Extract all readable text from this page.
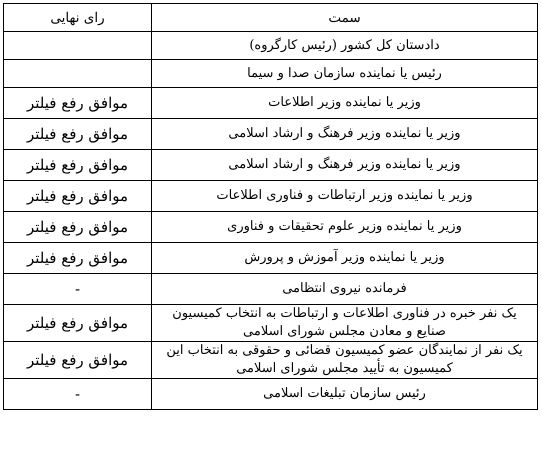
سمت	رای نهایی
دادستان کل کشور (رئیس کارگروه)	
رئیس یا نماینده سازمان صدا و سیما	
وزیر یا نماینده وزیر اطلاعات	موافق رفع فیلتر
وزیر یا نماینده وزیر فرهنگ و ارشاد اسلامی	موافق رفع فیلتر
وزیر یا نماینده وزیر فرهنگ و ارشاد اسلامی	موافق رفع فیلتر
وزیر یا نماینده وزیر ارتباطات و فناوری اطلاعات	موافق رفع فیلتر
وزیر یا نماینده وزیر علوم تحقیقات و فناوری	موافق رفع فیلتر
وزیر یا نماینده وزیر آموزش و پرورش	موافق رفع فیلتر
فرمانده نیروی انتظامی	-
یک نفر خبره در فناوری اطلاعات و ارتباطات به انتخاب کمیسیون صنایع و معادن مجلس شورای اسلامی	موافق رفع فیلتر
یک نفر از نمایندگان عضو کمیسیون قضائی و حقوقی به انتخاب این کمیسیون به تأیید مجلس شورای اسلامی	موافق رفع فیلتر
رئیس سازمان تبلیغات اسلامی	-
